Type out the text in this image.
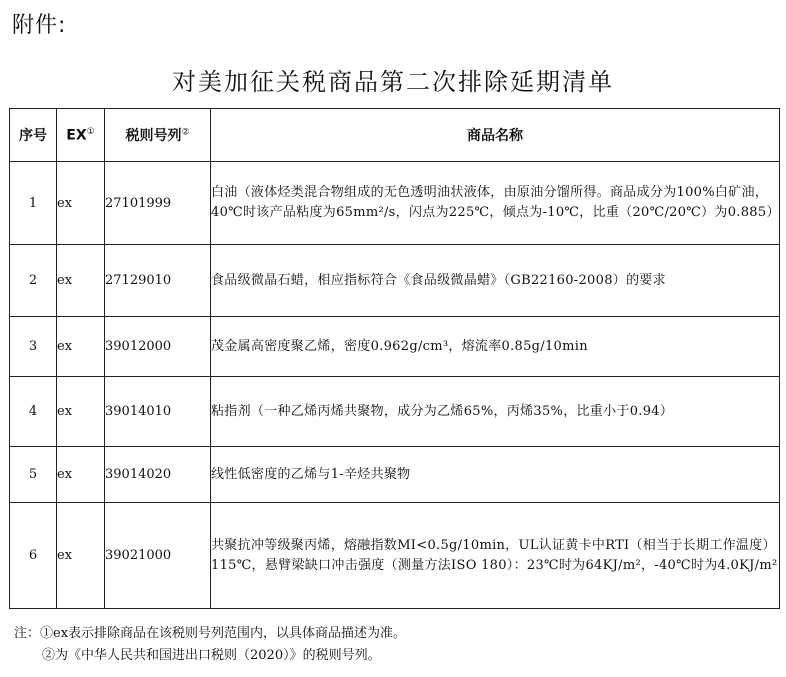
附件:
对美加征关税商品第二次排除延期清单
序号	EX①	税则号列②	商品名称
1	ex	27101999	白油（液体烃类混合物组成的无色透明油状液体，由原油分馏所得。商品成分为100%白矿油，40℃时该产品粘度为65mm²/s，闪点为225℃，倾点为-10℃，比重（20℃/20℃）为0.885）
2	ex	27129010	食品级微晶石蜡，相应指标符合《食品级微晶蜡》（GB22160-2008）的要求
3	ex	39012000	茂金属高密度聚乙烯，密度0.962g/cm³，熔流率0.85g/10min
4	ex	39014010	粘指剂（一种乙烯丙烯共聚物，成分为乙烯65%，丙烯35%，比重小于0.94）
5	ex	39014020	线性低密度的乙烯与1-辛烃共聚物
6	ex	39021000	共聚抗冲等级聚丙烯，熔融指数MI<0.5g/10min，UL认证黄卡中RTI（相当于长期工作温度）115℃，悬臂梁缺口冲击强度（测量方法ISO 180）：23℃时为64KJ/m²，-40℃时为4.0KJ/m²
注：①ex表示排除商品在该税则号列范围内，以具体商品描述为准。
②为《中华人民共和国进出口税则（2020）》的税则号列。
